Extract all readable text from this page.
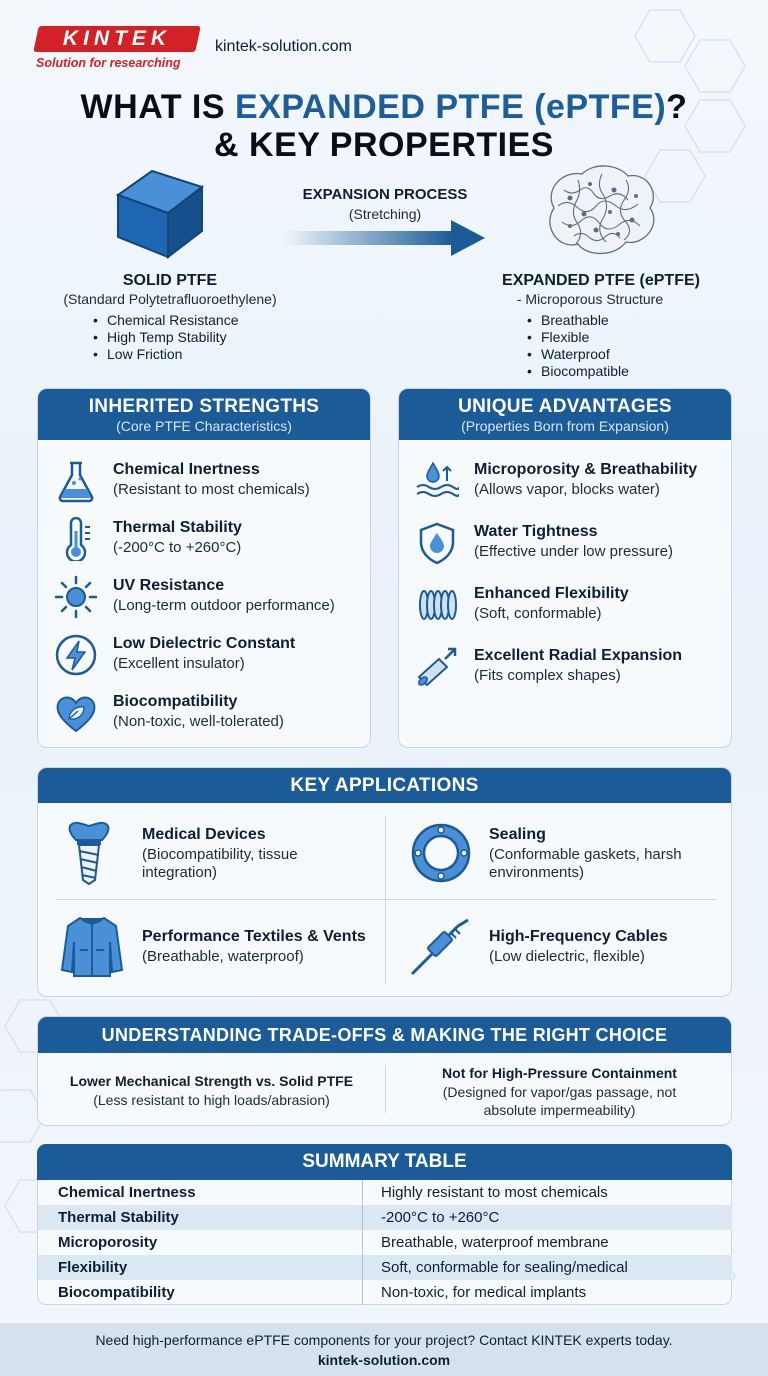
KINTEK
Solution for researching
kintek-solution.com
WHAT IS EXPANDED PTFE (ePTFE)?
& KEY PROPERTIES
EXPANSION PROCESS
(Stretching)
SOLID PTFE
(Standard Polytetrafluoroethylene)
• Chemical Resistance
• High Temp Stability
• Low Friction
EXPANDED PTFE (ePTFE)
- Microporous Structure
• Breathable
• Flexible
• Waterproof
• Biocompatible
INHERITED STRENGTHS
(Core PTFE Characteristics)
Chemical Inertness
(Resistant to most chemicals)
Thermal Stability
(-200°C to +260°C)
UV Resistance
(Long-term outdoor performance)
Low Dielectric Constant
(Excellent insulator)
Biocompatibility
(Non-toxic, well-tolerated)
UNIQUE ADVANTAGES
(Properties Born from Expansion)
Microporosity & Breathability
(Allows vapor, blocks water)
Water Tightness
(Effective under low pressure)
Enhanced Flexibility
(Soft, conformable)
Excellent Radial Expansion
(Fits complex shapes)
KEY APPLICATIONS
Medical Devices
(Biocompatibility, tissue
integration)
Sealing
(Conformable gaskets, harsh
environments)
Performance Textiles & Vents
(Breathable, waterproof)
High-Frequency Cables
(Low dielectric, flexible)
UNDERSTANDING TRADE-OFFS & MAKING THE RIGHT CHOICE
Lower Mechanical Strength vs. Solid PTFE
(Less resistant to high loads/abrasion)
Not for High-Pressure Containment
(Designed for vapor/gas passage, not
absolute impermeability)
SUMMARY TABLE
Chemical Inertness	Highly resistant to most chemicals
Thermal Stability	-200°C to +260°C
Microporosity	Breathable, waterproof membrane
Flexibility	Soft, conformable for sealing/medical
Biocompatibility	Non-toxic, for medical implants
Need high-performance ePTFE components for your project? Contact KINTEK experts today.
kintek-solution.com
